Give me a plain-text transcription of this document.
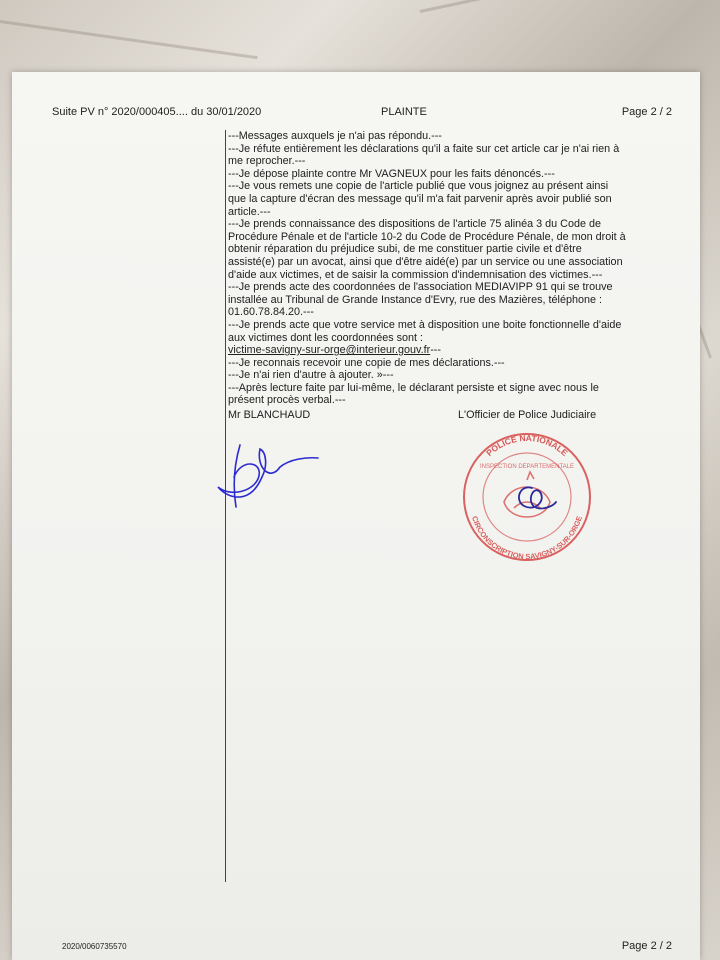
Suite PV n° 2020/000405.... du 30/01/2020	PLAINTE	Page 2 / 2

---Messages auxquels je n'ai pas répondu.---

---Je réfute entièrement les déclarations qu'il a faite sur cet article car je n'ai rien à me reprocher.---

---Je dépose plainte contre Mr VAGNEUX pour les faits dénoncés.---

---Je vous remets une copie de l'article publié que vous joignez au présent ainsi que la capture d'écran des message qu'il m'a fait parvenir après avoir publié son article.---

---Je prends connaissance des dispositions de l'article 75 alinéa 3 du Code de Procédure Pénale et de l'article 10-2 du Code de Procédure Pénale, de mon droit à obtenir réparation du préjudice subi, de me constituer partie civile et d'être assisté(e) par un avocat, ainsi que d'être aidé(e) par un service ou une association d'aide aux victimes, et de saisir la commission d'indemnisation des victimes.---

---Je prends acte des coordonnées de l'association MEDIAVIPP 91 qui se trouve installée au Tribunal de Grande Instance d'Evry, rue des Mazières, téléphone : 01.60.78.84.20.---

---Je prends acte que votre service met à disposition une boite fonctionnelle d'aide aux victimes dont les coordonnées sont :

victime-savigny-sur-orge@interieur.gouv.fr---

---Je reconnais recevoir une copie de mes déclarations.---

---Je n'ai rien d'autre à ajouter. »---

---Après lecture faite par lui-même, le déclarant persiste et signe avec nous le présent procès verbal.---

Mr BLANCHAUD	L'Officier de Police Judiciaire
POLICE NATIONALE
CIRCONSCRIPTION SAVIGNY-SUR-ORGE
INSPECTION DÉPARTEMENTALE
2020/0060735570	Page 2 / 2
